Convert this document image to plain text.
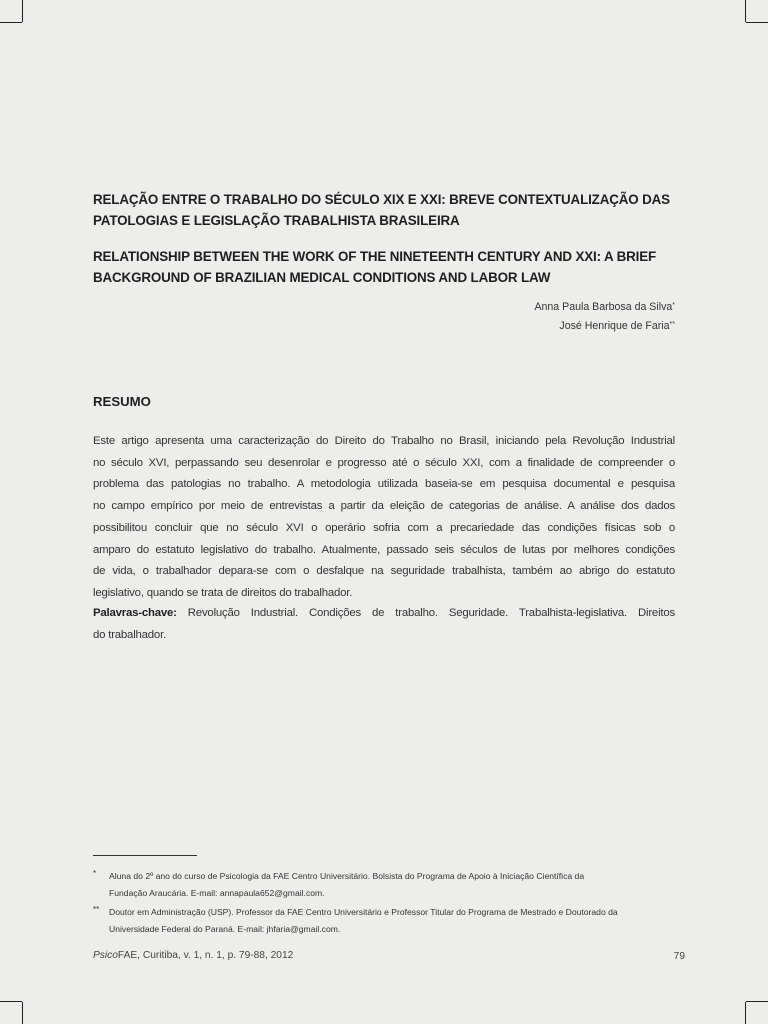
RELAÇÃO ENTRE O TRABALHO DO SÉCULO XIX E XXI: BREVE CONTEXTUALIZAÇÃO DAS
PATOLOGIAS E LEGISLAÇÃO TRABALHISTA BRASILEIRA
RELATIONSHIP BETWEEN THE WORK OF THE NINETEENTH CENTURY AND XXI: A BRIEF
BACKGROUND OF BRAZILIAN MEDICAL CONDITIONS AND LABOR LAW
Anna Paula Barbosa da Silva*
José Henrique de Faria**
RESUMO
Este artigo apresenta uma caracterização do Direito do Trabalho no Brasil, iniciando pela Revolução Industrial
no século XVI, perpassando seu desenrolar e progresso até o século XXI, com a finalidade de compreender o
problema das patologias no trabalho. A metodologia utilizada baseia-se em pesquisa documental e pesquisa
no campo empírico por meio de entrevistas a partir da eleição de categorias de análise. A análise dos dados
possibilitou concluir que no século XVI o operário sofria com a precariedade das condições físicas sob o
amparo do estatuto legislativo do trabalho. Atualmente, passado seis séculos de lutas por melhores condições
de vida, o trabalhador depara-se com o desfalque na seguridade trabalhista, também ao abrigo do estatuto
legislativo, quando se trata de direitos do trabalhador.
Palavras-chave: Revolução Industrial. Condições de trabalho. Seguridade. Trabalhista-legislativa. Direitos
do trabalhador.
* Aluna do 2º ano do curso de Psicologia da FAE Centro Universitário. Bolsista do Programa de Apoio à Iniciação Científica da
Fundação Araucária. E-mail: annapaula652@gmail.com.
** Doutor em Administração (USP). Professor da FAE Centro Universitário e Professor Titular do Programa de Mestrado e Doutorado da
Universidade Federal do Paraná. E-mail: jhfaria@gmail.com.
PsicoFAE, Curitiba, v. 1, n. 1, p. 79-88, 2012	79
